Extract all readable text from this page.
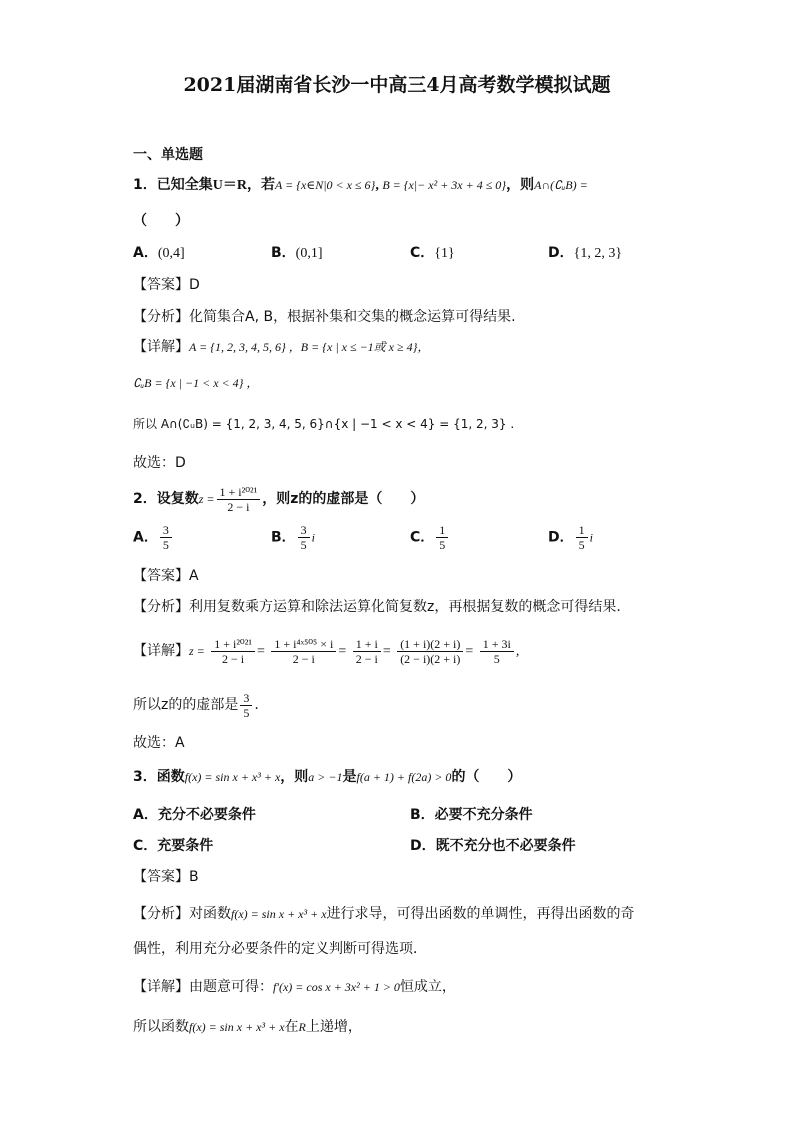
2021届湖南省长沙一中高三4月高考数学模拟试题
一、单选题
1．已知全集U＝R，若A = {x∈N|0 < x ≤ 6}, B = {x|− x² + 3x + 4 ≤ 0}，则A∩(∁ᵤB) =
（　　）
A．(0,4]	B．(0,1]	C．{1}	D．{1, 2, 3}
【答案】D
【分析】化简集合A, B，根据补集和交集的概念运算可得结果.
【详解】A = {1, 2, 3, 4, 5, 6} ，B = {x | x ≤ −1或 x ≥ 4}，
∁ᵤB = {x | −1 < x < 4} ，
所以 A∩(∁ᵤB) = {1, 2, 3, 4, 5, 6}∩{x | −1 < x < 4} = {1, 2, 3} .
故选：D
2．设复数$z = \frac{\text{1 + i²⁰²¹}}{2 - i}$ ，则z的的虚部是（　　）
A． $\frac{3}{5}$	B． $\frac{3}{5}$ i	C． $\frac{1}{5}$	D． $\frac{1}{5}$ i
【答案】A
【分析】利用复数乘方运算和除法运算化简复数z，再根据复数的概念可得结果.
【详解】$z = \frac{\text{1 + i²⁰²¹}}{2 - i} = \frac{\text{1 + i⁴ˣ⁵⁰⁵ × i}}{2 - i} = \frac{1 + i}{2 - i} = \frac{(1 + i)(2 + i)}{(2 - i)(2 + i)} = \frac{1 + 3i}{5}$ ,
所以z的的虚部是 $\frac{3}{5}$ .
故选：A
3．函数f(x) = sin x + x³ + x，则a > −1是f(a + 1) + f(2a) > 0的（　　）
A．充分不必要条件	B．必要不充分条件
C．充要条件	D．既不充分也不必要条件
【答案】B
【分析】对函数f(x) = sin x + x³ + x进行求导，可得出函数的单调性，再得出函数的奇
偶性，利用充分必要条件的定义判断可得选项．
【详解】由题意可得：f′(x) = cos x + 3x² + 1 > 0恒成立，
所以函数f(x) = sin x + x³ + x在R上递增，
